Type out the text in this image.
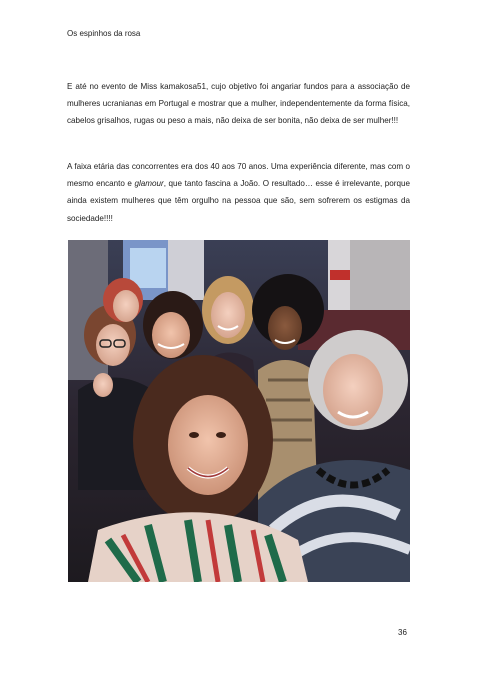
Os espinhos da rosa

E até no evento de Miss kamakosa51, cujo objetivo foi angariar fundos para a associação de mulheres ucranianas em Portugal e mostrar que a mulher, independentemente da forma física, cabelos grisalhos, rugas ou peso a mais, não deixa de ser bonita, não deixa de ser mulher!!!

A faixa etária das concorrentes era dos 40 aos 70 anos. Uma experiência diferente, mas com o mesmo encanto e glamour, que tanto fascina a João. O resultado… esse é irrelevante, porque ainda existem mulheres que têm orgulho na pessoa que são, sem sofrerem os estigmas da sociedade!!!!

36
